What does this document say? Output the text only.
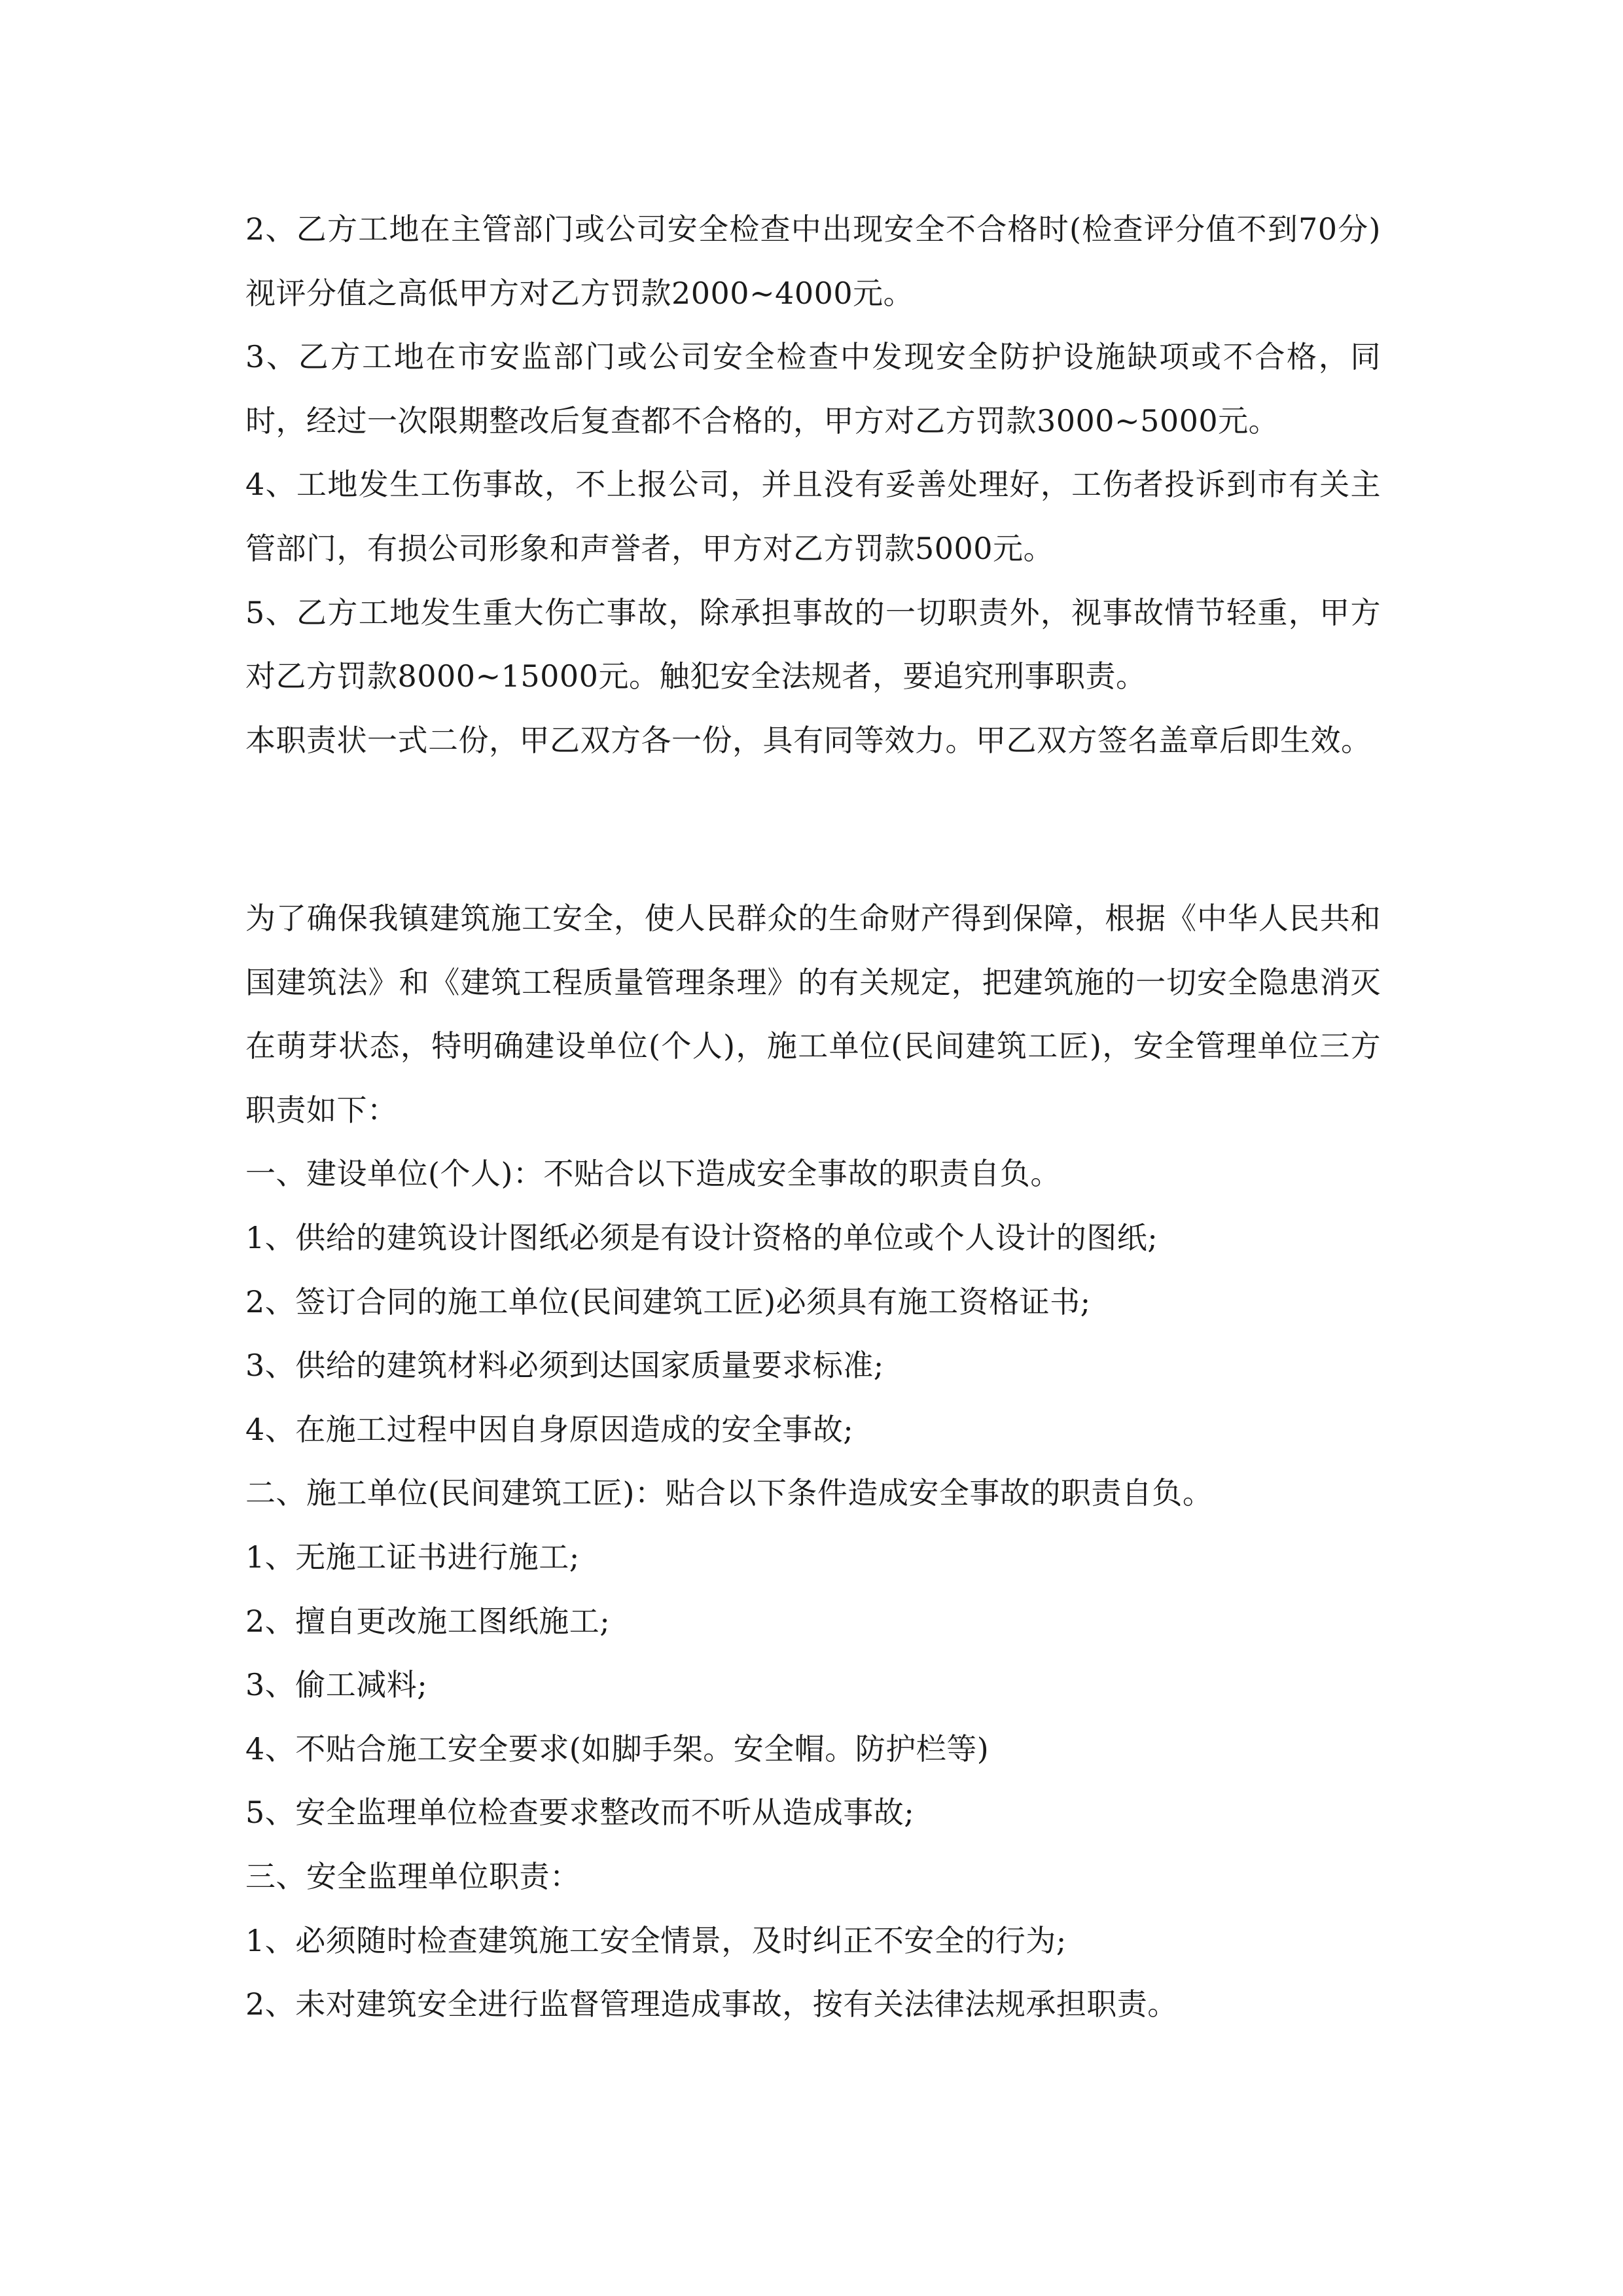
2、乙方工地在主管部门或公司安全检查中出现安全不合格时(检查评分值不到70分)视评分值之高低甲方对乙方罚款2000~4000元。

3、乙方工地在市安监部门或公司安全检查中发现安全防护设施缺项或不合格，同时，经过一次限期整改后复查都不合格的，甲方对乙方罚款3000~5000元。

4、工地发生工伤事故，不上报公司，并且没有妥善处理好，工伤者投诉到市有关主管部门，有损公司形象和声誉者，甲方对乙方罚款5000元。

5、乙方工地发生重大伤亡事故，除承担事故的一切职责外，视事故情节轻重，甲方对乙方罚款8000~15000元。触犯安全法规者，要追究刑事职责。

本职责状一式二份，甲乙双方各一份，具有同等效力。甲乙双方签名盖章后即生效。

为了确保我镇建筑施工安全，使人民群众的生命财产得到保障，根据《中华人民共和国建筑法》和《建筑工程质量管理条理》的有关规定，把建筑施的一切安全隐患消灭在萌芽状态，特明确建设单位(个人)，施工单位(民间建筑工匠)，安全管理单位三方职责如下：

一、建设单位(个人)：不贴合以下造成安全事故的职责自负。

1、供给的建筑设计图纸必须是有设计资格的单位或个人设计的图纸;

2、签订合同的施工单位(民间建筑工匠)必须具有施工资格证书;

3、供给的建筑材料必须到达国家质量要求标准;

4、在施工过程中因自身原因造成的安全事故;

二、施工单位(民间建筑工匠)：贴合以下条件造成安全事故的职责自负。

1、无施工证书进行施工;

2、擅自更改施工图纸施工;

3、偷工减料;

4、不贴合施工安全要求(如脚手架。安全帽。防护栏等)

5、安全监理单位检查要求整改而不听从造成事故;

三、安全监理单位职责：

1、必须随时检查建筑施工安全情景，及时纠正不安全的行为;

2、未对建筑安全进行监督管理造成事故，按有关法律法规承担职责。
